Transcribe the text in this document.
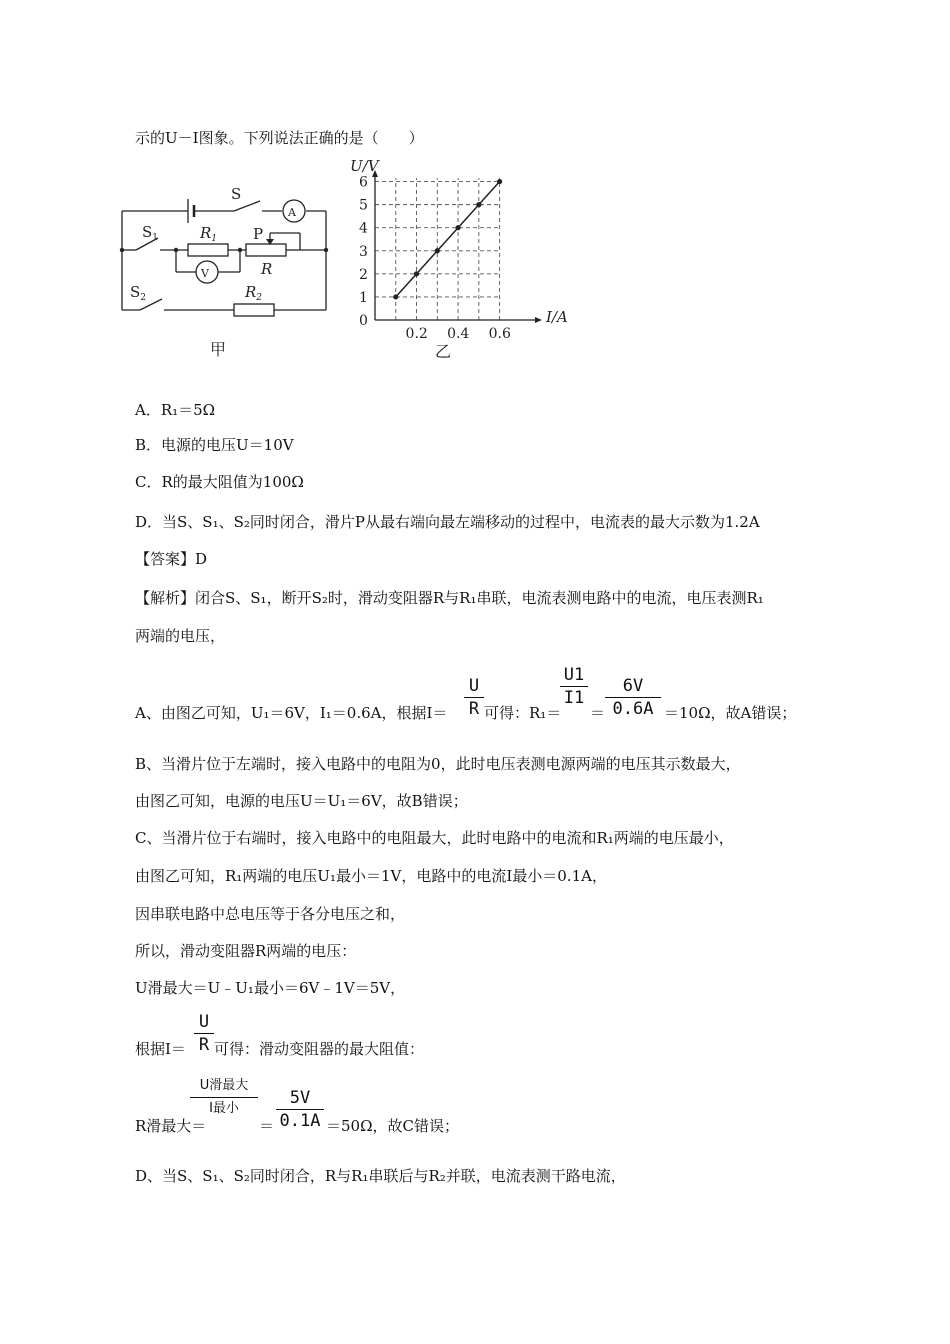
示的U－I图象。下列说法正确的是（　　）
S
A
V
$S_1$	$R_1$ P
R
$S_2$	$R_2$
甲
1
2
3
4
5
6
0
0.2 0.4 0.6
U/V
I/A
乙
A．R₁＝5Ω
B．电源的电压U＝10V
C．R的最大阻值为100Ω
D．当S、S₁、S₂同时闭合，滑片P从最右端向最左端移动的过程中，电流表的最大示数为1.2A
【答案】D
【解析】闭合S、S₁，断开S₂时，滑动变阻器R与R₁串联，电流表测电路中的电流，电压表测R₁
两端的电压，
A、由图乙可知，U₁＝6V，I₁＝0.6A，根据I＝
U
R 可得：R₁＝
U1
I1
＝
6V
0.6A ＝10Ω，故A错误；
B、当滑片位于左端时，接入电路中的电阻为0，此时电压表测电源两端的电压其示数最大，
由图乙可知，电源的电压U＝U₁＝6V，故B错误；
C、当滑片位于右端时，接入电路中的电阻最大，此时电路中的电流和R₁两端的电压最小，
由图乙可知，R₁两端的电压U₁最小＝1V，电路中的电流I最小＝0.1A，
因串联电路中总电压等于各分电压之和，
所以，滑动变阻器R两端的电压：
U滑最大＝U﹣U₁最小＝6V﹣1V＝5V，
根据I＝
U
R 可得：滑动变阻器的最大阻值：
R滑最大＝
U滑最大
I最小
＝
5V
0.1A ＝50Ω，故C错误；
D、当S、S₁、S₂同时闭合，R与R₁串联后与R₂并联，电流表测干路电流，
